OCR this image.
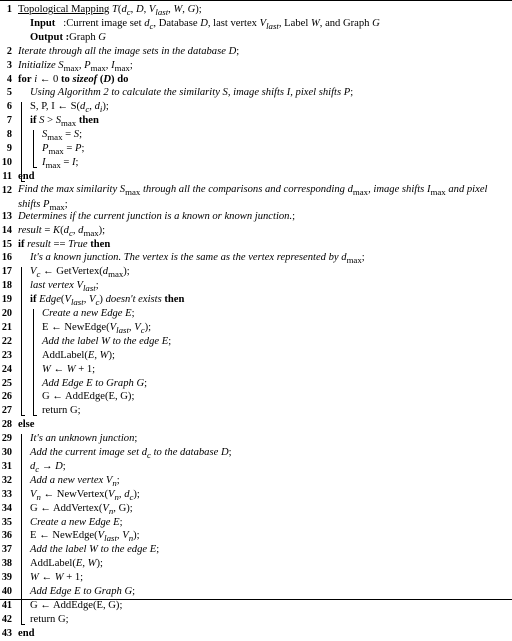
1 Topological Mapping $T(d_c$, D, $V_{last}$, W, G);
Input   :Current image set $d_c$, Database D, last vertex $V_{last}$, Label W, and Graph G
Output :Graph G
2 Iterate through all the image sets in the database D;
3 Initialize $S_{max}$, $P_{max}$, $I_{max}$;
4 for i ← 0 to sizeof (D) do
5 Using Algorithm 2 to calculate the similarity S, image shifts I, pixel shifts P;
6 S, P, I ← $S(d_c$, $d_i$);
7 if $S > S_{max}$ then
8	$S_{max} = S$;
9	$P_{max} = P$;
10	$I_{max} = I$;
11 end
12 Find the max similarity $S_{max}$ through all the comparisons and corresponding $d_{max}$, image shifts $I_{max}$ and pixel shifts $P_{max}$;
13 Determines if the current junction is a known or known junction.;
14 result = $K(d_c$, $d_{max}$);
15 if result == True then
16 It's a known junction. The vertex is the same as the vertex represented by $d_{max}$;
17 $V_c$ ← $GetVertex(d_{max})$;
18 last vertex $V_{last}$;
19 if $Edge(V_{last}$, $V_c$) doesn't exists then
20	Create a new Edge E;
21	E ← $NewEdge(V_{last}$, $V_c$);
22	Add the label W to the edge E;
23	AddLabel(E, W);
24	W ← W + 1;
25	Add Edge E to Graph G;
26	G ← AddEdge(E, G);
27	return G;
28 else
29 It's an unknown junction;
30 Add the current image set $d_c$ to the database D;
31 $d_c \to D$;
32 Add a new vertex $V_n$;
33 $V_n$ ← $NewVertex(V_n$, $d_c$);
34 G ← $AddVertex(V_n$, G);
35 Create a new Edge E;
36 E ← $NewEdge(V_{last}$, $V_n$);
37 Add the label W to the edge E;
38 AddLabel(E, W);
39 W ← W + 1;
40 Add Edge E to Graph G;
41 G ← AddEdge(E, G);
42 return G;
43 end
